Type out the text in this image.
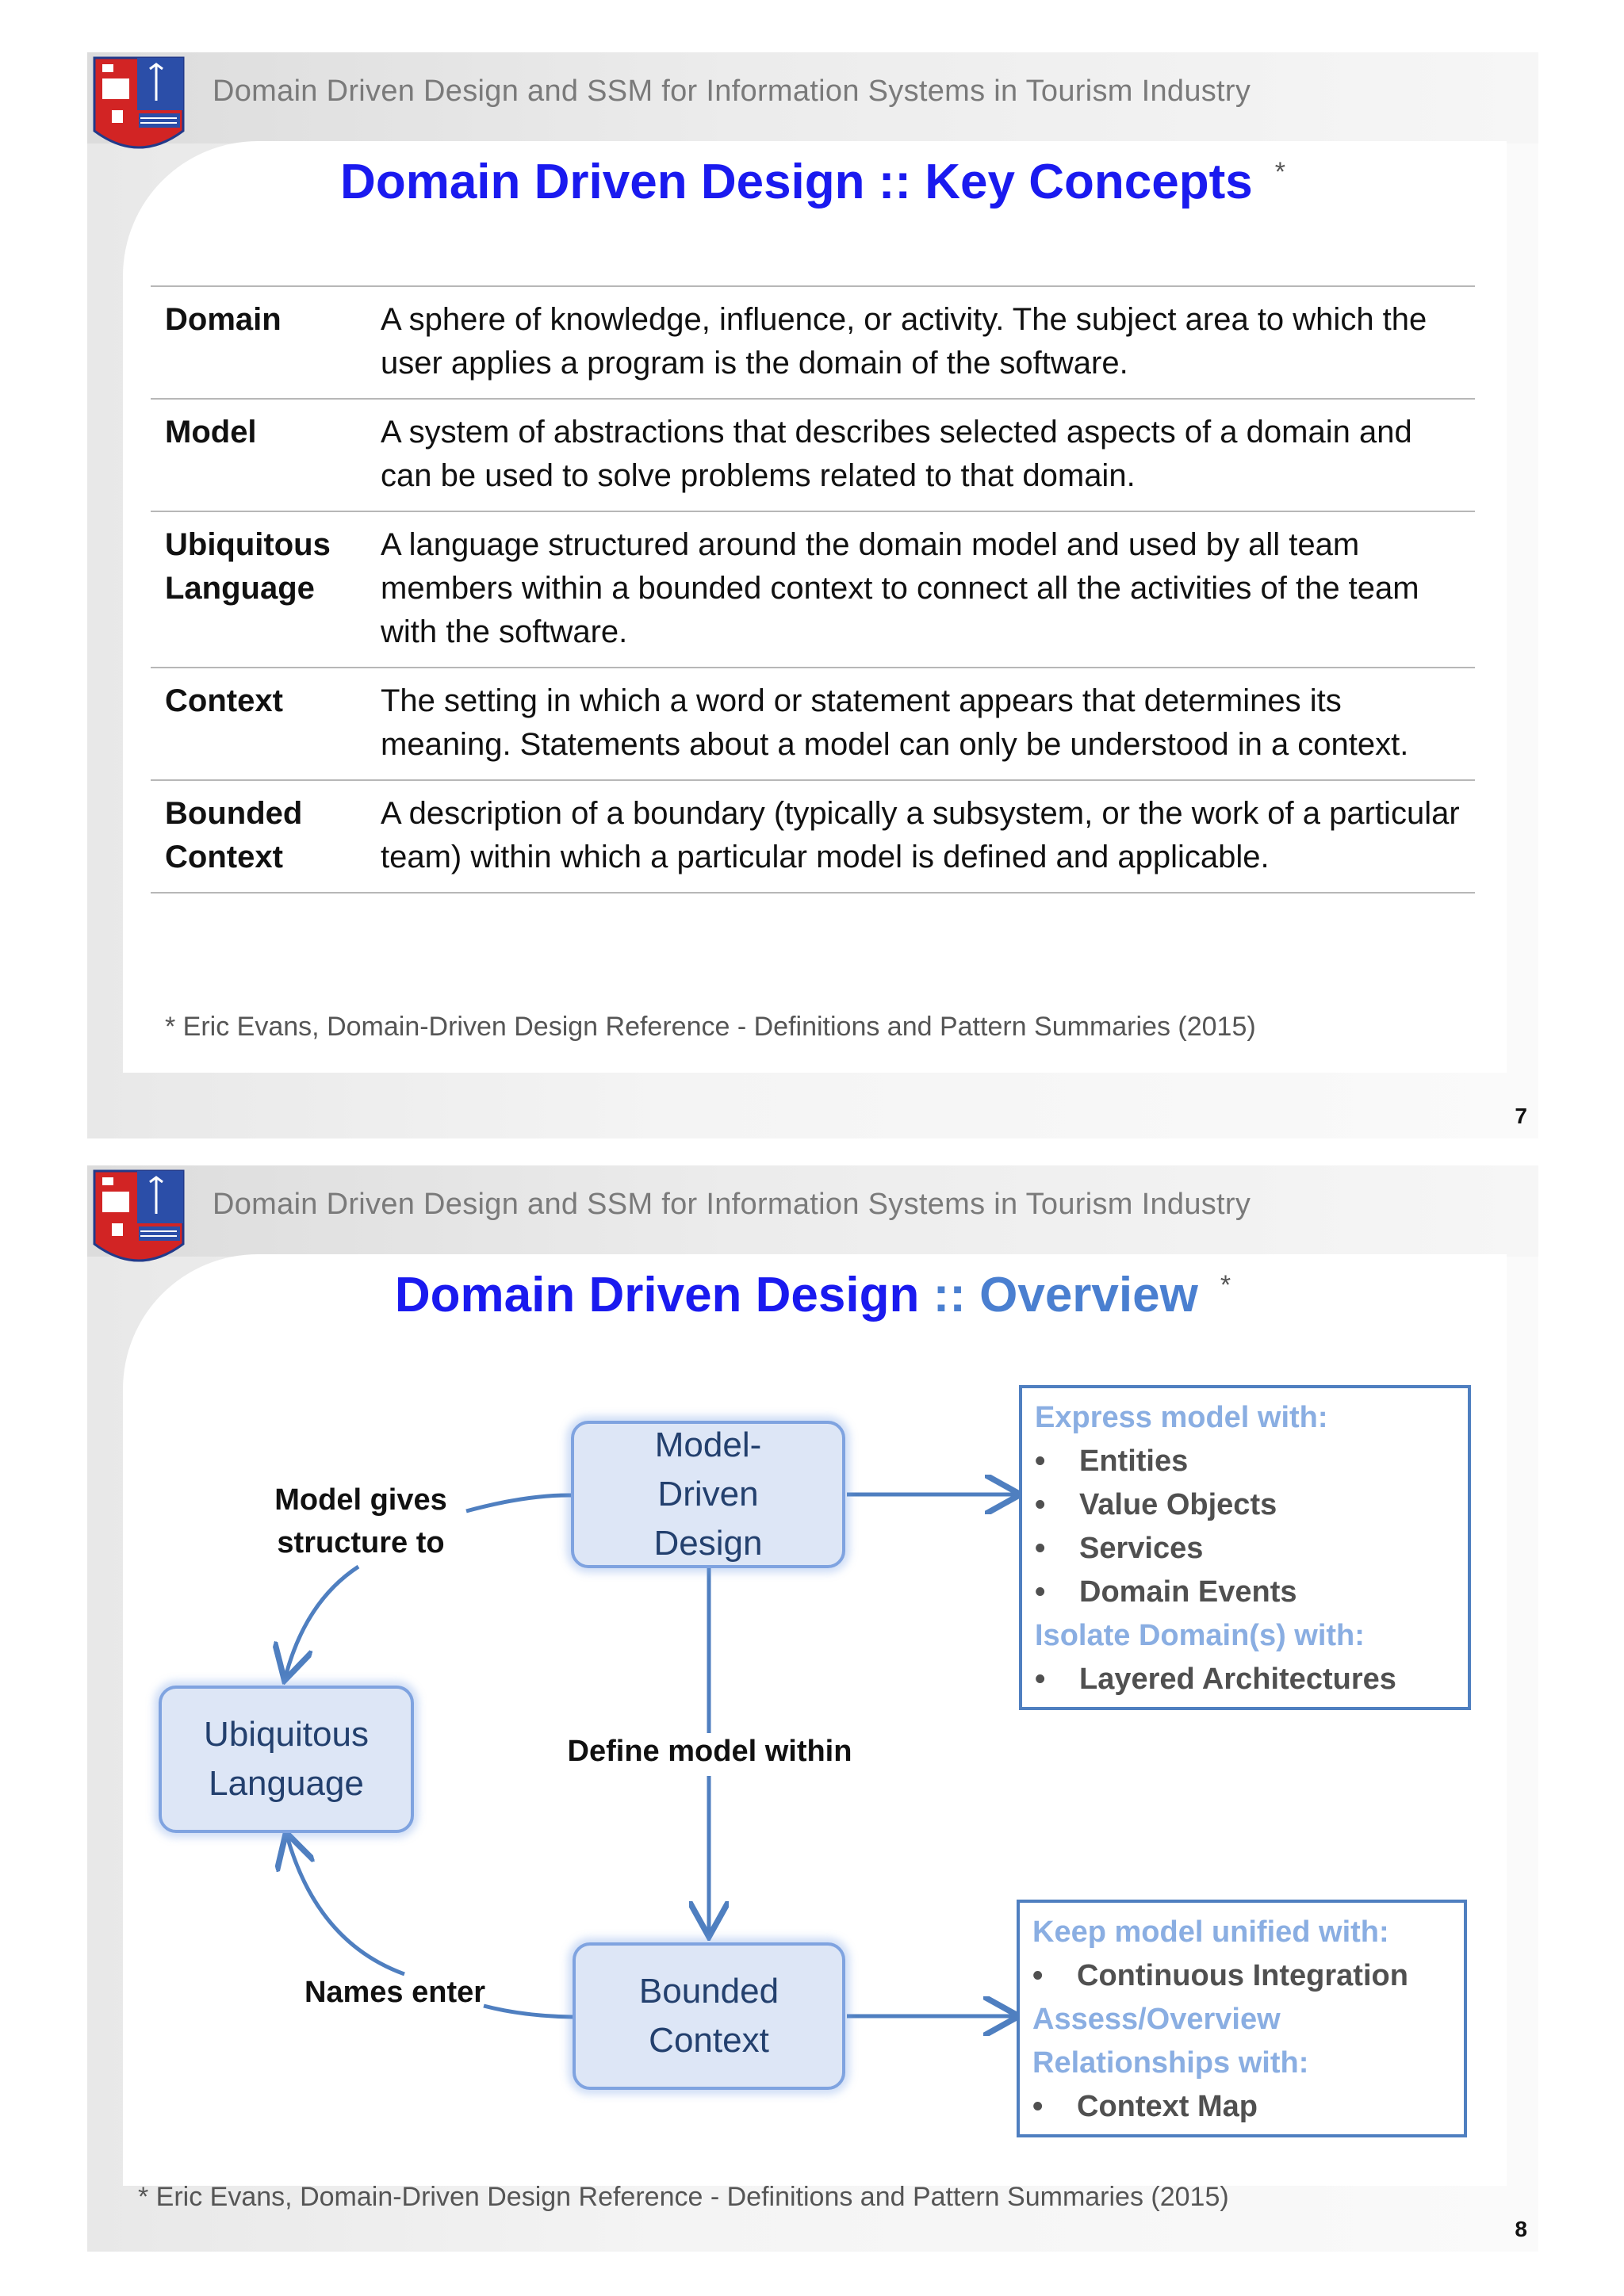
Domain Driven Design and SSM for Information Systems in Tourism Industry
Domain Driven Design :: Key Concepts *
Domain	A sphere of knowledge, influence, or activity. The subject area to which the user applies a program is the domain of the software.
Model	A system of abstractions that describes selected aspects of a domain and can be used to solve problems related to that domain.
Ubiquitous Language	A language structured around the domain model and used by all team members within a bounded context to connect all the activities of the team with the software.
Context	The setting in which a word or statement appears that determines its meaning. Statements about a model can only be understood in a context.
Bounded Context	A description of a boundary (typically a subsystem, or the work of a particular team) within which a particular model is defined and applicable.
* Eric Evans, Domain-Driven Design Reference - Definitions and Pattern Summaries (2015)
7
Domain Driven Design and SSM for Information Systems in Tourism Industry
Domain Driven Design :: Overview *
Model-Driven Design
Ubiquitous Language
Bounded Context
Model gives structure to
Define model within
Names enter
Express model with:
• Entities
• Value Objects
• Services
• Domain Events
Isolate Domain(s) with:
• Layered Architectures
Keep model unified with:
• Continuous Integration
Assess/Overview Relationships with:
• Context Map
* Eric Evans, Domain-Driven Design Reference - Definitions and Pattern Summaries (2015)
8
